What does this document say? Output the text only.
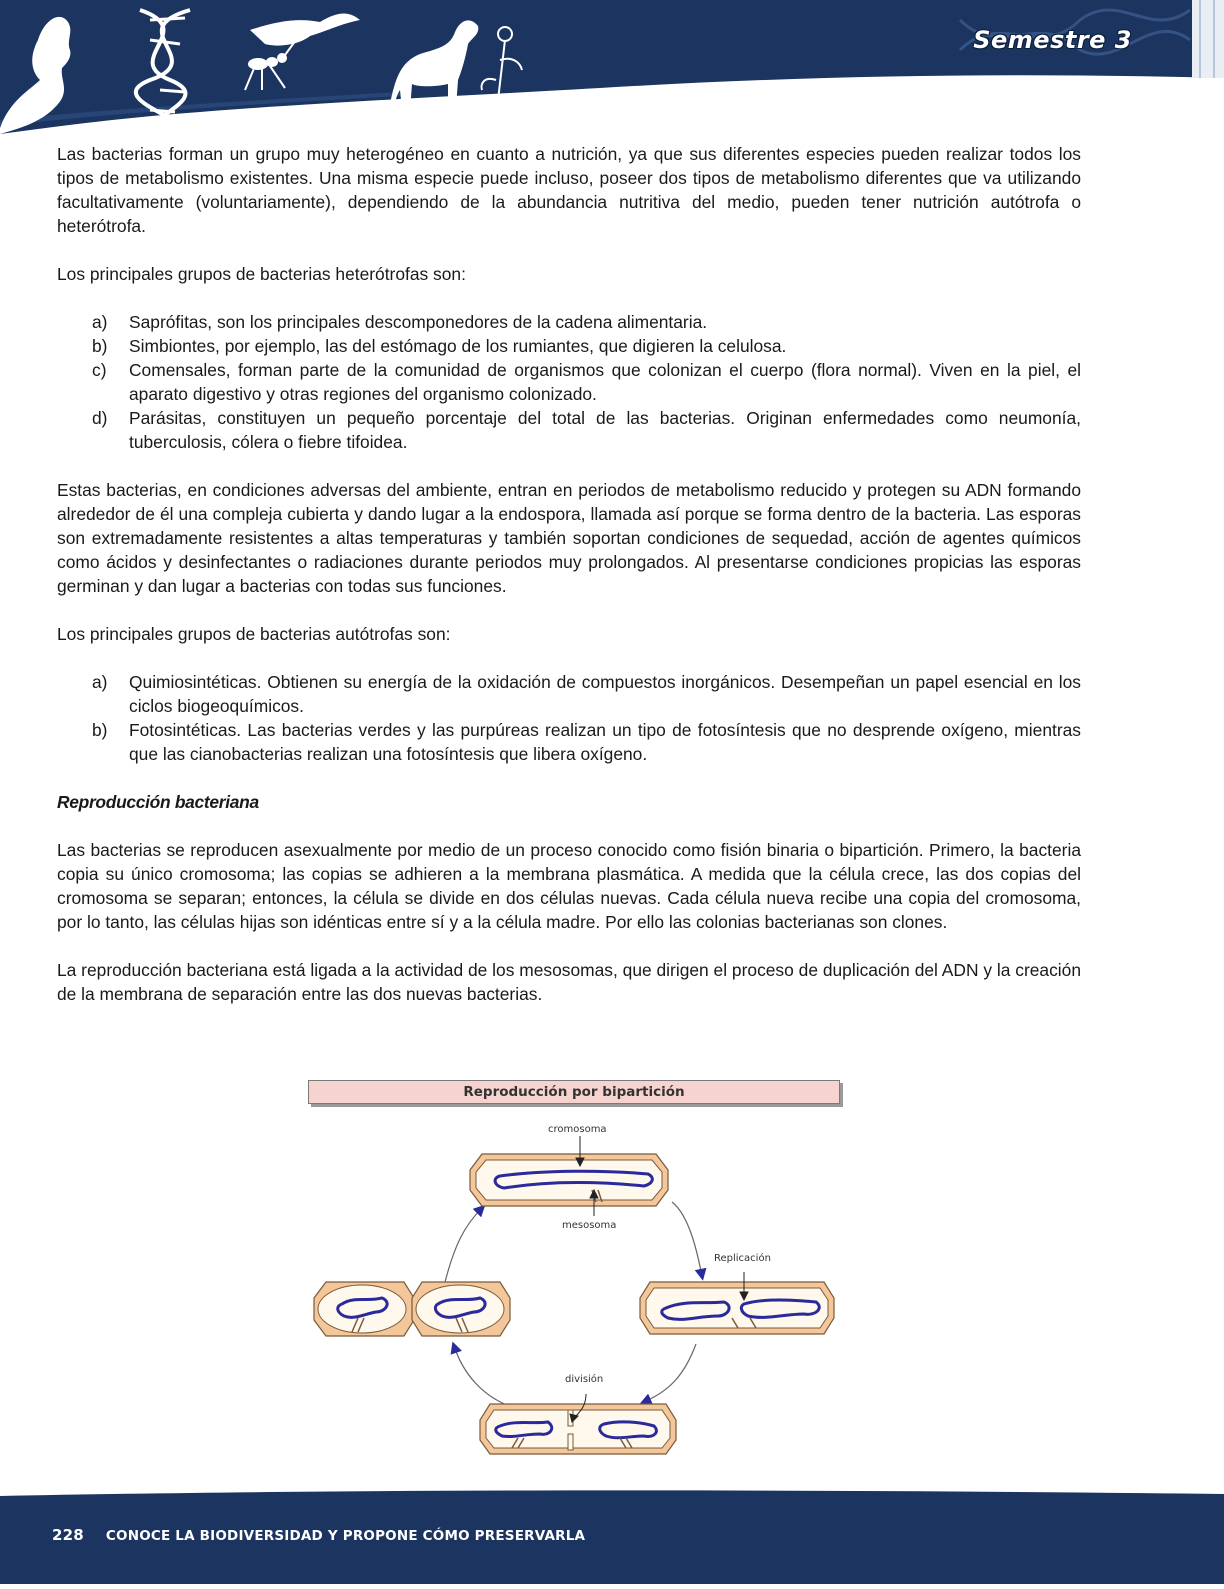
Semestre 3

Las bacterias forman un grupo muy heterogéneo en cuanto a nutrición, ya que sus diferentes especies pueden realizar todos los tipos de metabolismo existentes. Una misma especie puede incluso, poseer dos tipos de metabolismo diferentes que va utilizando facultativamente (voluntariamente), dependiendo de la abundancia nutritiva del medio, pueden tener nutrición autótrofa o heterótrofa.

Los principales grupos de bacterias heterótrofas son:

a) Saprófitas, son los principales descomponedores de la cadena alimentaria.
b) Simbiontes, por ejemplo, las del estómago de los rumiantes, que digieren la celulosa.
c) Comensales, forman parte de la comunidad de organismos que colonizan el cuerpo (flora normal). Viven en la piel, el aparato digestivo y otras regiones del organismo colonizado.
d) Parásitas, constituyen un pequeño porcentaje del total de las bacterias. Originan enfermedades como neumonía, tuberculosis, cólera o fiebre tifoidea.

Estas bacterias, en condiciones adversas del ambiente, entran en periodos de metabolismo reducido y protegen su ADN formando alrededor de él una compleja cubierta y dando lugar a la endospora, llamada así porque se forma dentro de la bacteria. Las esporas son extremadamente resistentes a altas temperaturas y también soportan condiciones de sequedad, acción de agentes químicos como ácidos y desinfectantes o radiaciones durante periodos muy prolongados. Al presentarse condiciones propicias las esporas germinan y dan lugar a bacterias con todas sus funciones.

Los principales grupos de bacterias autótrofas son:

a) Quimiosintéticas. Obtienen su energía de la oxidación de compuestos inorgánicos. Desempeñan un papel esencial en los ciclos biogeoquímicos.
b) Fotosintéticas. Las bacterias verdes y las purpúreas realizan un tipo de fotosíntesis que no desprende oxígeno, mientras que las cianobacterias realizan una fotosíntesis que libera oxígeno.
Reproducción bacteriana

Las bacterias se reproducen asexualmente por medio de un proceso conocido como fisión binaria o bipartición. Primero, la bacteria copia su único cromosoma; las copias se adhieren a la membrana plasmática. A medida que la célula crece, las dos copias del cromosoma se separan; entonces, la célula se divide en dos células nuevas. Cada célula nueva recibe una copia del cromosoma, por lo tanto, las células hijas son idénticas entre sí y a la célula madre. Por ello las colonias bacterianas son clones.

La reproducción bacteriana está ligada a la actividad de los mesosomas, que dirigen el proceso de duplicación del ADN y la creación de la membrana de separación entre las dos nuevas bacterias.

Reproducción por bipartición
cromosoma
mesosoma
Replicación
división
228 CONOCE LA BIODIVERSIDAD Y PROPONE CÓMO PRESERVARLA
